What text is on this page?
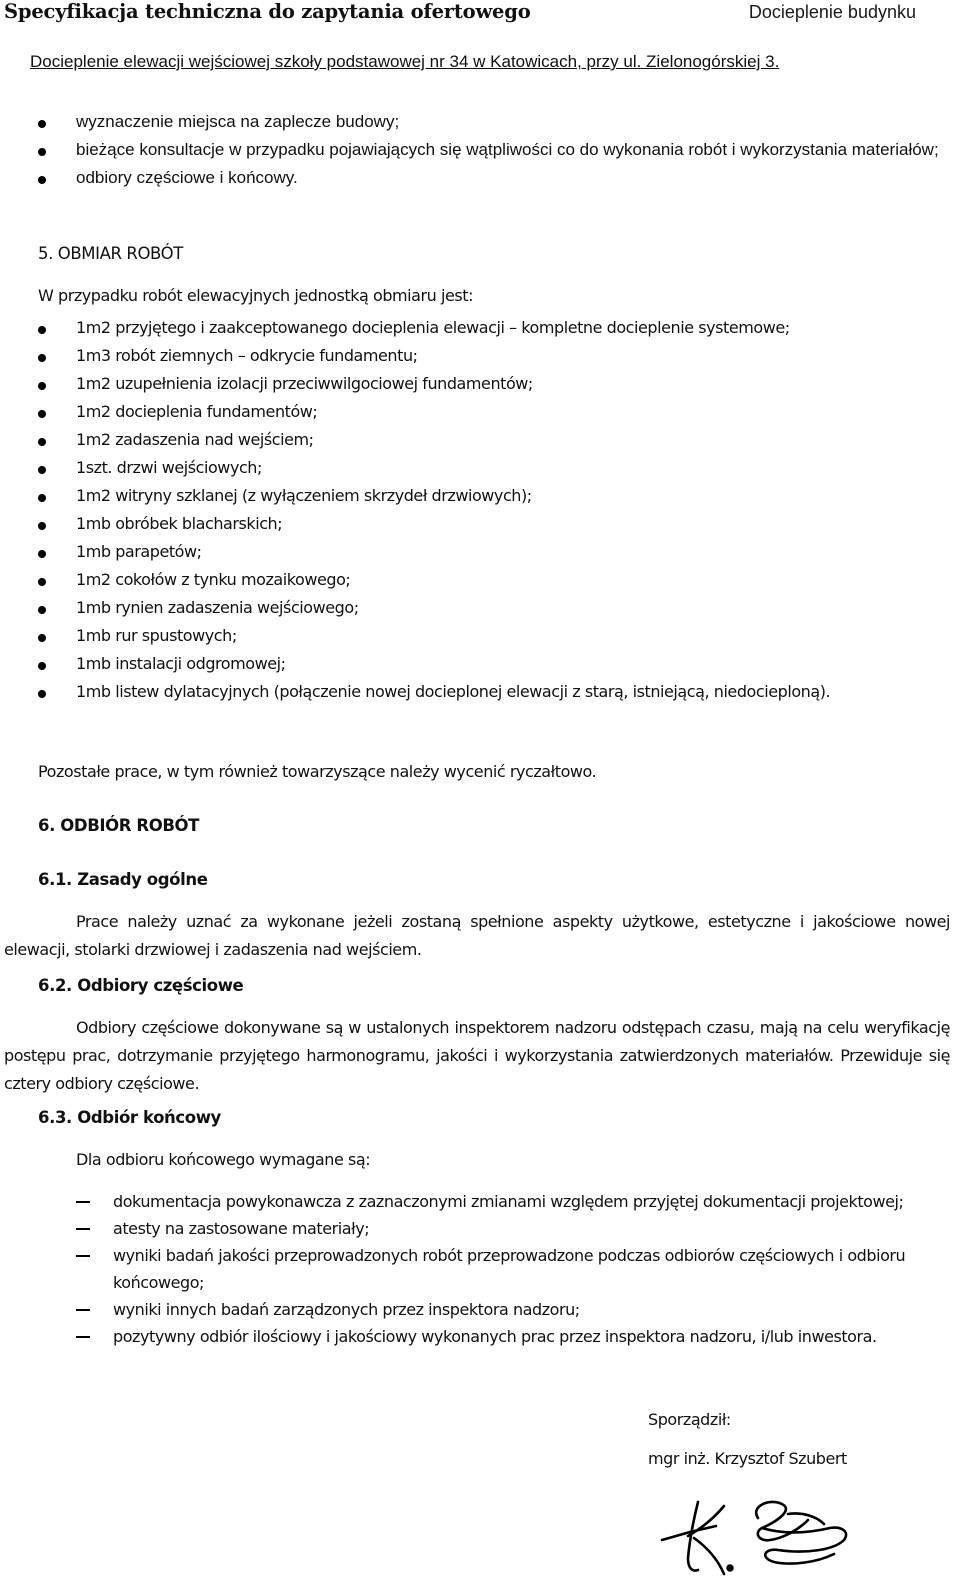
Specyfikacja techniczna do zapytania ofertowego	Docieplenie budynku
Docieplenie elewacji wejściowej szkoły podstawowej nr 34 w Katowicach, przy ul. Zielonogórskiej 3.
wyznaczenie miejsca na zaplecze budowy;
bieżące konsultacje w przypadku pojawiających się wątpliwości co do wykonania robót i wykorzystania materiałów;
odbiory częściowe i końcowy.
5. OBMIAR ROBÓT
W przypadku robót elewacyjnych jednostką obmiaru jest:
1m2 przyjętego i zaakceptowanego docieplenia elewacji – kompletne docieplenie systemowe;
1m3 robót ziemnych – odkrycie fundamentu;
1m2 uzupełnienia izolacji przeciwwilgociowej fundamentów;
1m2 docieplenia fundamentów;
1m2 zadaszenia nad wejściem;
1szt. drzwi wejściowych;
1m2 witryny szklanej (z wyłączeniem skrzydeł drzwiowych);
1mb obróbek blacharskich;
1mb parapetów;
1m2 cokołów z tynku mozaikowego;
1mb rynien zadaszenia wejściowego;
1mb rur spustowych;
1mb instalacji odgromowej;
1mb listew dylatacyjnych (połączenie nowej docieplonej elewacji z starą, istniejącą, niedocieploną).
Pozostałe prace, w tym również towarzyszące należy wycenić ryczałtowo.
6. ODBIÓR ROBÓT
6.1. Zasady ogólne
Prace należy uznać za wykonane jeżeli zostaną spełnione aspekty użytkowe, estetyczne i jakościowe nowej elewacji, stolarki drzwiowej i zadaszenia nad wejściem.
6.2. Odbiory częściowe
Odbiory częściowe dokonywane są w ustalonych inspektorem nadzoru odstępach czasu, mają na celu weryfikację postępu prac, dotrzymanie przyjętego harmonogramu, jakości i wykorzystania zatwierdzonych materiałów. Przewiduje się cztery odbiory częściowe.
6.3. Odbiór końcowy
Dla odbioru końcowego wymagane są:
dokumentacja powykonawcza z zaznaczonymi zmianami względem przyjętej dokumentacji projektowej;
atesty na zastosowane materiały;
wyniki badań jakości przeprowadzonych robót przeprowadzone podczas odbiorów częściowych i odbioru końcowego;
wyniki innych badań zarządzonych przez inspektora nadzoru;
pozytywny odbiór ilościowy i jakościowy wykonanych prac przez inspektora nadzoru, i/lub inwestora.
Sporządził:
mgr inż. Krzysztof Szubert
